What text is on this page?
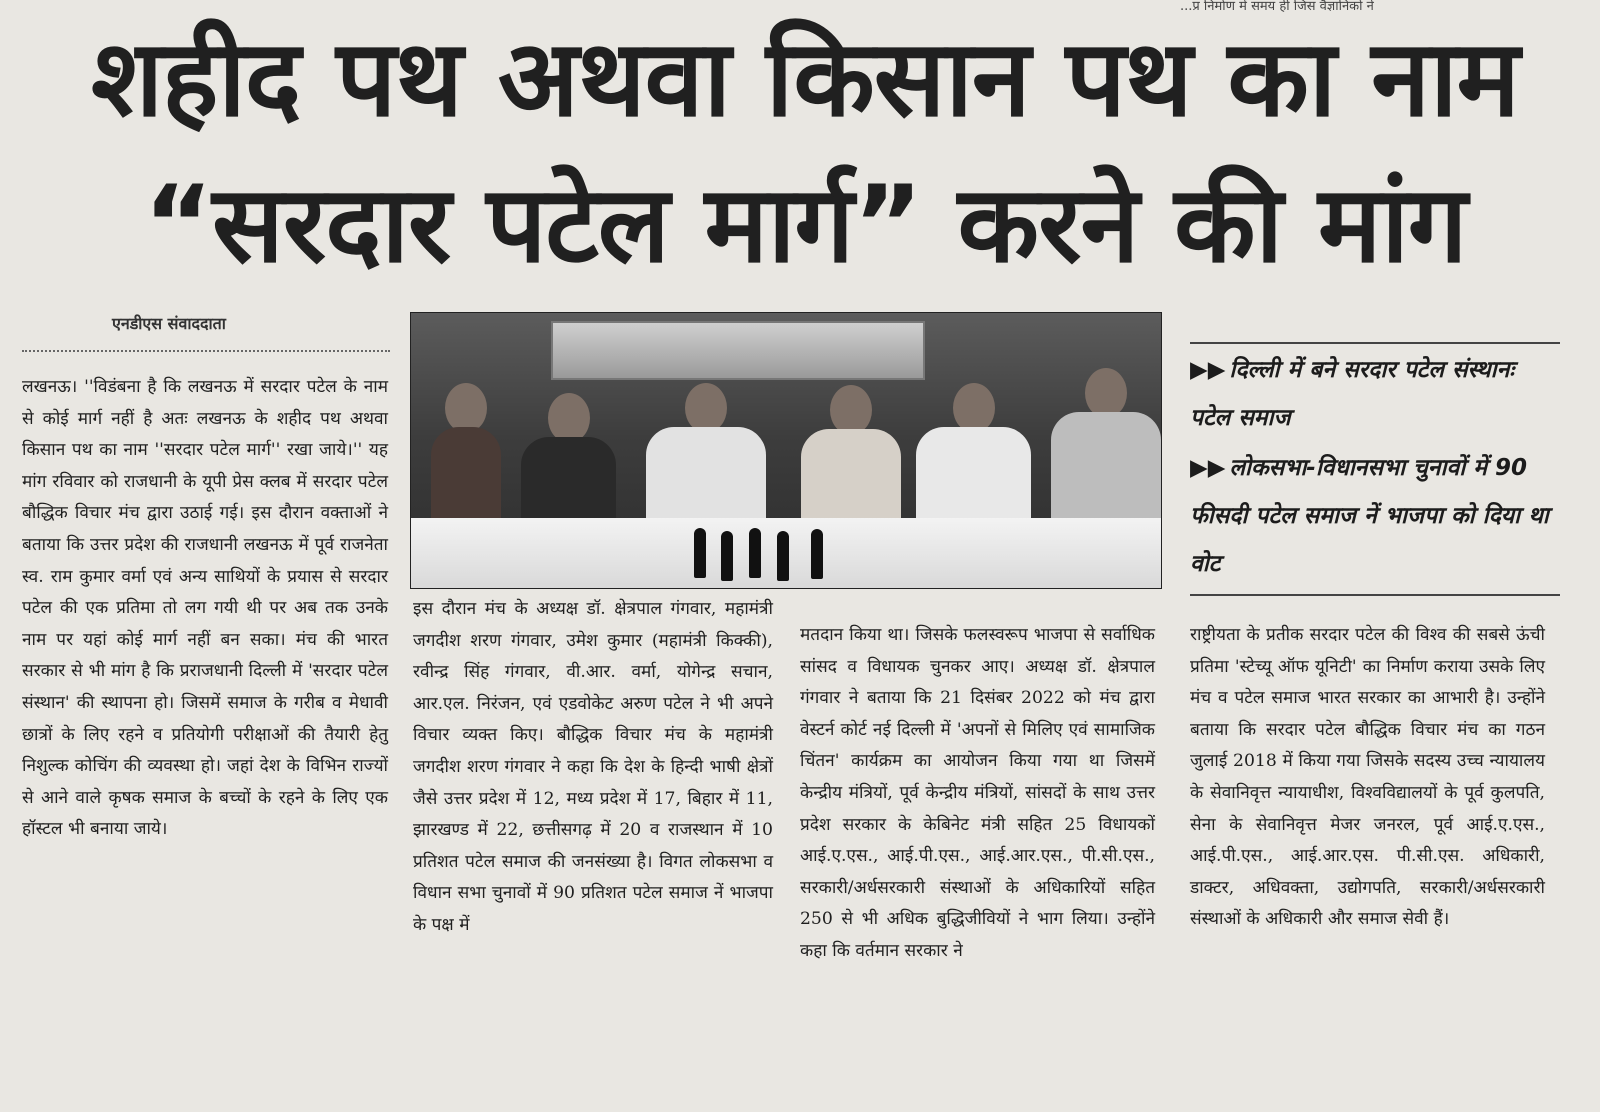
...प्र निर्माण में समय ही जिस वैज्ञानिकों ने
शहीद पथ अथवा किसान पथ का नाम
“सरदार पटेल मार्ग” करने की मांग
एनडीएस संवाददाता
लखनऊ। ''विडंबना है कि लखनऊ में सरदार पटेल के नाम से कोई मार्ग नहीं है अतः लखनऊ के शहीद पथ अथवा किसान पथ का नाम ''सरदार पटेल मार्ग'' रखा जाये।'' यह मांग रविवार को राजधानी के यूपी प्रेस क्लब में सरदार पटेल बौद्धिक विचार मंच द्वारा उठाई गई। इस दौरान वक्ताओं ने बताया कि उत्तर प्रदेश की राजधानी लखनऊ में पूर्व राजनेता स्व. राम कुमार वर्मा एवं अन्य साथियों के प्रयास से सरदार पटेल की एक प्रतिमा तो लग गयी थी पर अब तक उनके नाम पर यहां कोई मार्ग नहीं बन सका। मंच की भारत सरकार से भी मांग है कि प्रराजधानी दिल्ली में 'सरदार पटेल संस्थान' की स्थापना हो। जिसमें समाज के गरीब व मेधावी छात्रों के लिए रहने व प्रतियोगी परीक्षाओं की तैयारी हेतु निशुल्क कोचिंग की व्यवस्था हो। जहां देश के विभिन राज्यों से आने वाले कृषक समाज के बच्चों के रहने के लिए एक हॉस्टल भी बनाया जाये।
▶▶ दिल्ली में बने सरदार पटेल संस्थानः पटेल समाज
▶▶ लोकसभा-विधानसभा चुनावों में 90 फीसदी पटेल समाज नें भाजपा को दिया था वोट
इस दौरान मंच के अध्यक्ष डॉ. क्षेत्रपाल गंगवार, महामंत्री जगदीश शरण गंगवार, उमेश कुमार (महामंत्री किक्की), रवीन्द्र सिंह गंगवार, वी.आर. वर्मा, योगेन्द्र सचान, आर.एल. निरंजन, एवं एडवोकेट अरुण पटेल ने भी अपने विचार व्यक्त किए। बौद्धिक विचार मंच के महामंत्री जगदीश शरण गंगवार ने कहा कि देश के हिन्दी भाषी क्षेत्रों जैसे उत्तर प्रदेश में 12, मध्य प्रदेश में 17, बिहार में 11, झारखण्ड में 22, छत्तीसगढ़ में 20 व राजस्थान में 10 प्रतिशत पटेल समाज की जनसंख्या है। विगत लोकसभा व विधान सभा चुनावों में 90 प्रतिशत पटेल समाज नें भाजपा के पक्ष में
मतदान किया था। जिसके फलस्वरूप भाजपा से सर्वाधिक सांसद व विधायक चुनकर आए। अध्यक्ष डॉ. क्षेत्रपाल गंगवार ने बताया कि 21 दिसंबर 2022 को मंच द्वारा वेस्टर्न कोर्ट नई दिल्ली में 'अपनों से मिलिए एवं सामाजिक चिंतन' कार्यक्रम का आयोजन किया गया था जिसमें केन्द्रीय मंत्रियों, पूर्व केन्द्रीय मंत्रियों, सांसदों के साथ उत्तर प्रदेश सरकार के केबिनेट मंत्री सहित 25 विधायकों आई.ए.एस., आई.पी.एस., आई.आर.एस., पी.सी.एस., सरकारी/अर्धसरकारी संस्थाओं के अधिकारियों सहित 250 से भी अधिक बुद्धिजीवियों ने भाग लिया। उन्होंने कहा कि वर्तमान सरकार ने
राष्ट्रीयता के प्रतीक सरदार पटेल की विश्व की सबसे ऊंची प्रतिमा 'स्टेच्यू ऑफ यूनिटी' का निर्माण कराया उसके लिए मंच व पटेल समाज भारत सरकार का आभारी है। उन्होंने बताया कि सरदार पटेल बौद्धिक विचार मंच का गठन जुलाई 2018 में किया गया जिसके सदस्य उच्च न्यायालय के सेवानिवृत्त न्यायाधीश, विश्वविद्यालयों के पूर्व कुलपति, सेना के सेवानिवृत्त मेजर जनरल, पूर्व आई.ए.एस., आई.पी.एस., आई.आर.एस. पी.सी.एस. अधिकारी, डाक्टर, अधिवक्ता, उद्योगपति, सरकारी/अर्धसरकारी संस्थाओं के अधिकारी और समाज सेवी हैं।
